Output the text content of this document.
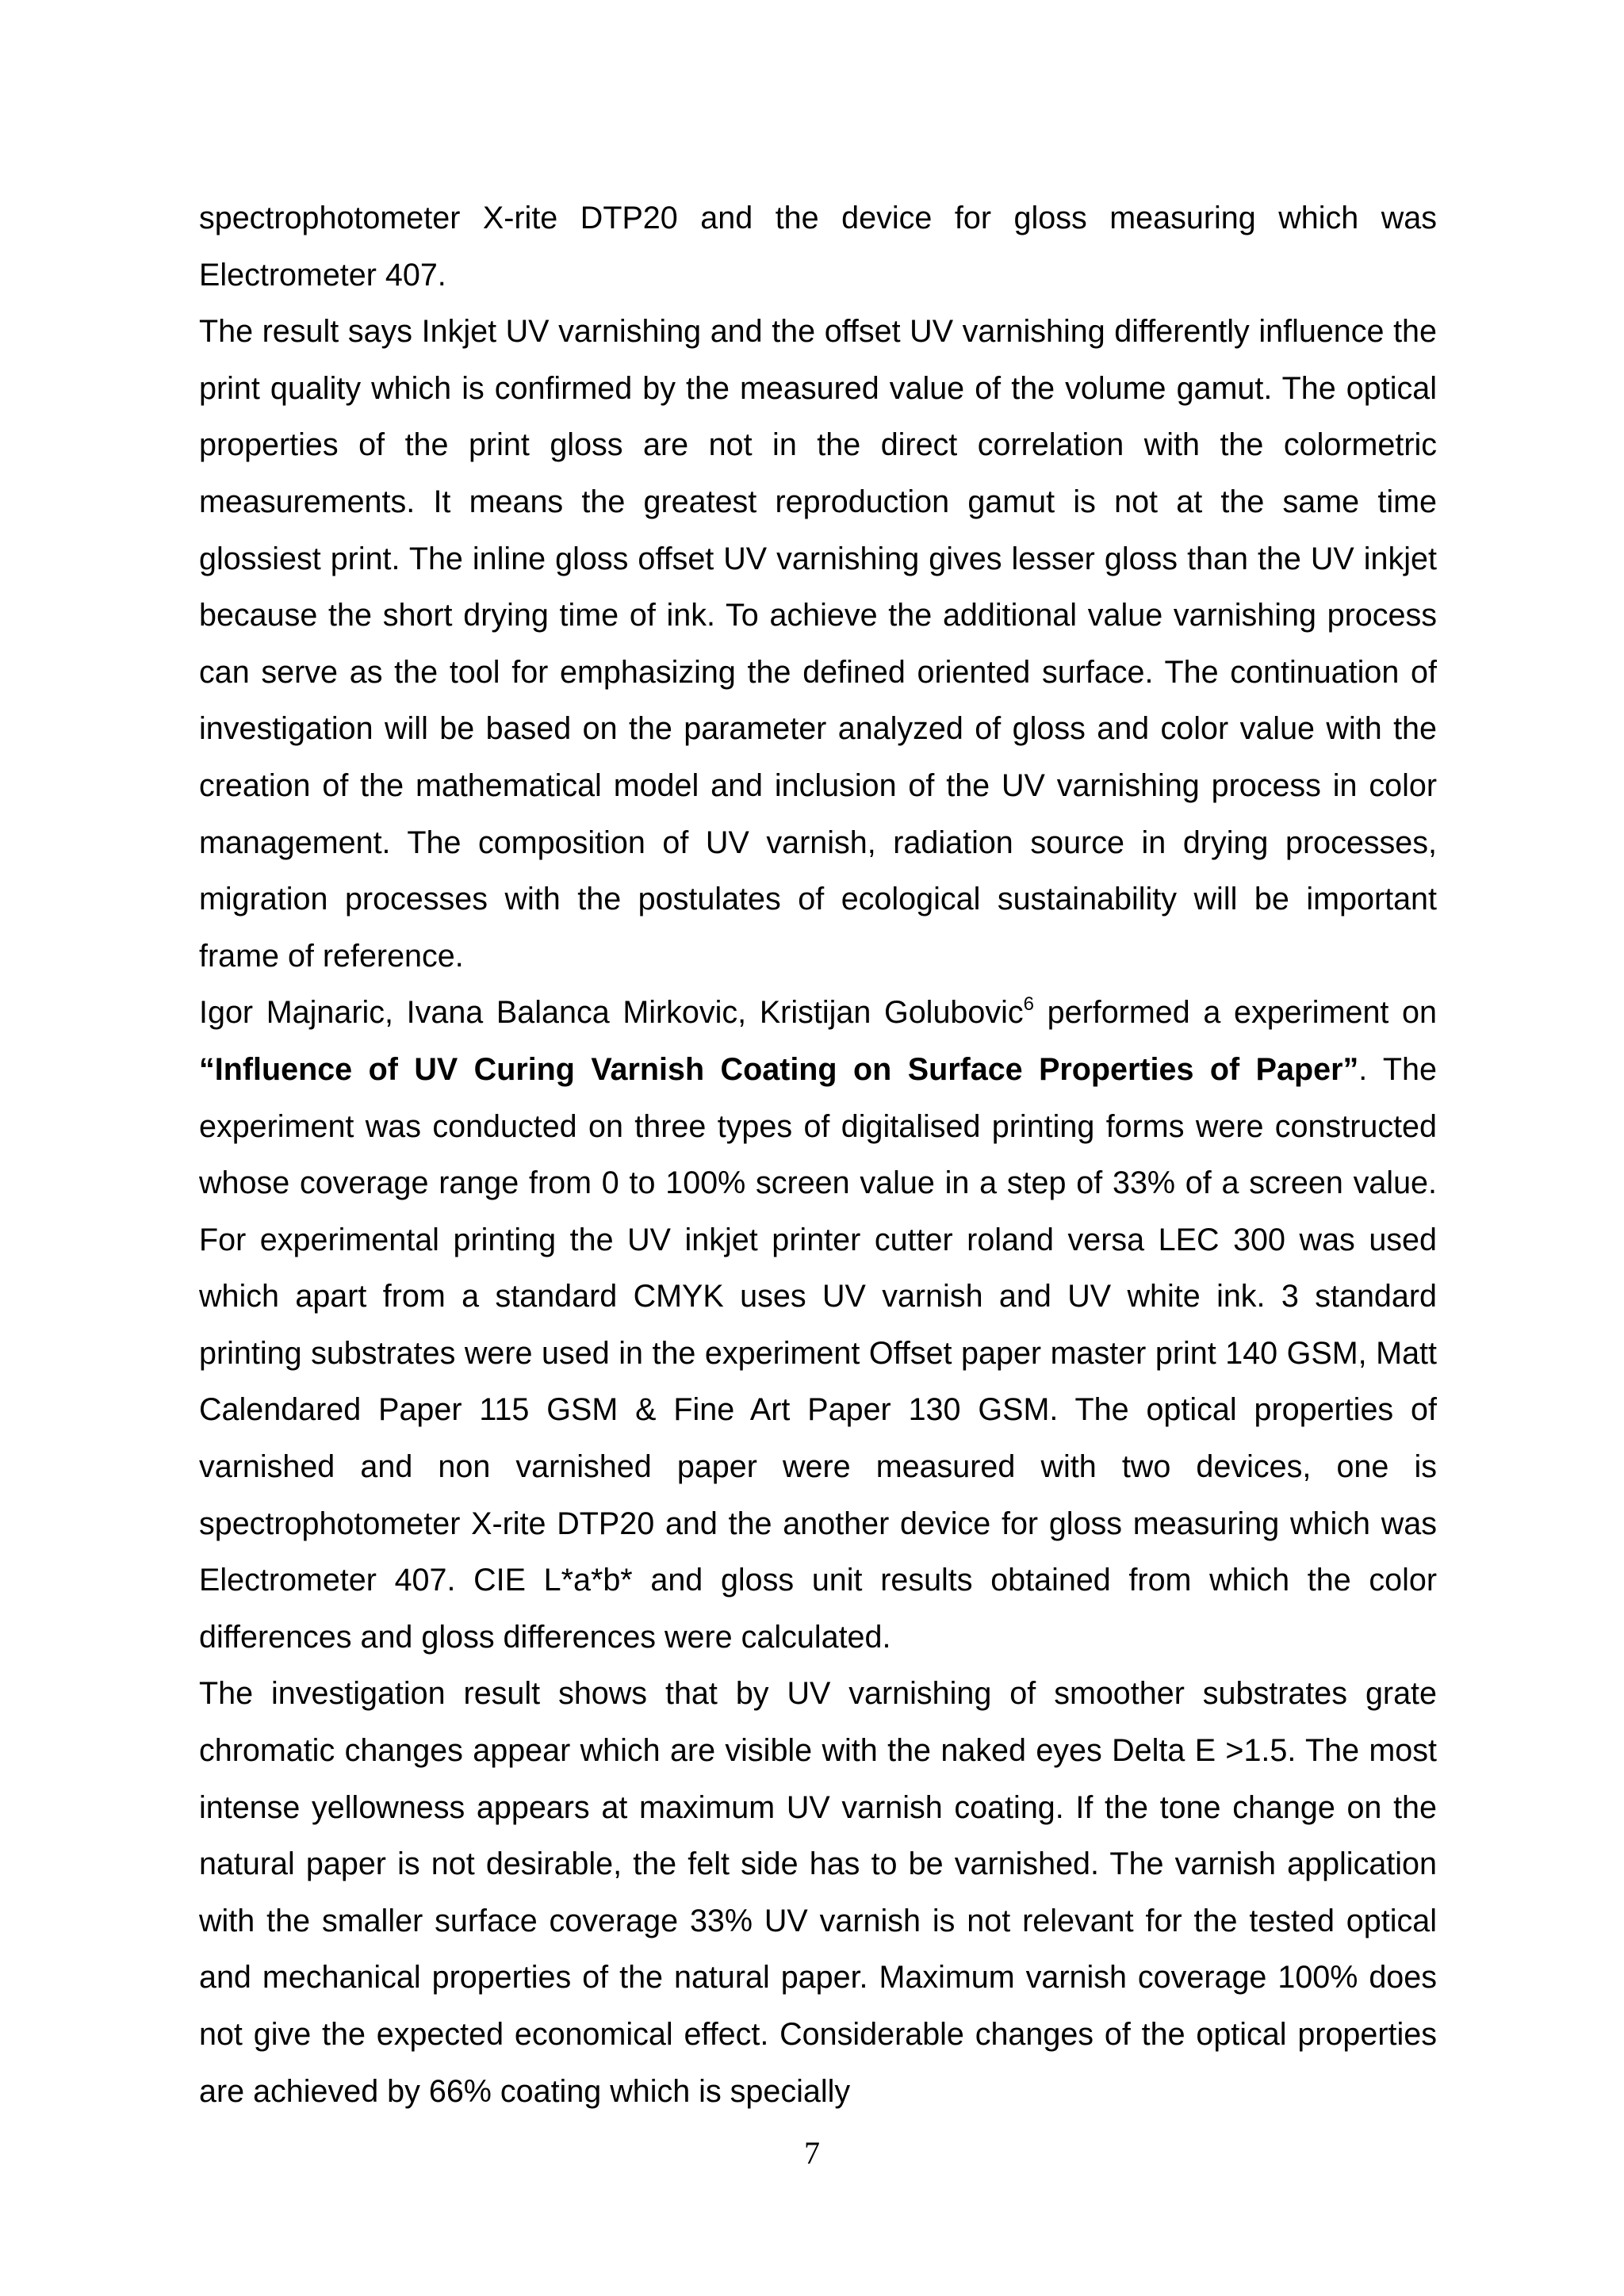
spectrophotometer X-rite DTP20 and the device for gloss measuring which was Electrometer 407.

The result says Inkjet UV varnishing and the offset UV varnishing differently influence the print quality which is confirmed by the measured value of the volume gamut. The optical properties of the print gloss are not in the direct correlation with the colormetric measurements. It means the greatest reproduction gamut is not at the same time glossiest print. The inline gloss offset UV varnishing gives lesser gloss than the UV inkjet because the short drying time of ink. To achieve the additional value varnishing process can serve as the tool for emphasizing the defined oriented surface. The continuation of investigation will be based on the parameter analyzed of gloss and color value with the creation of the mathematical model and inclusion of the UV varnishing process in color management. The composition of UV varnish, radiation source in drying processes, migration processes with the postulates of ecological sustainability will be important frame of reference.

Igor Majnaric, Ivana Balanca Mirkovic, Kristijan Golubovic$^6$ performed a experiment on “Influence of UV Curing Varnish Coating on Surface Properties of Paper”. The experiment was conducted on three types of digitalised printing forms were constructed whose coverage range from 0 to 100% screen value in a step of 33% of a screen value. For experimental printing the UV inkjet printer cutter roland versa LEC 300 was used which apart from a standard CMYK uses UV varnish and UV white ink. 3 standard printing substrates were used in the experiment Offset paper master print 140 GSM, Matt Calendared Paper 115 GSM & Fine Art Paper 130 GSM. The optical properties of varnished and non varnished paper were measured with two devices, one is spectrophotometer X-rite DTP20 and the another device for gloss measuring which was Electrometer 407. CIE L*a*b* and gloss unit results obtained from which the color differences and gloss differences were calculated.

The investigation result shows that by UV varnishing of smoother substrates grate chromatic changes appear which are visible with the naked eyes Delta E >1.5. The most intense yellowness appears at maximum UV varnish coating. If the tone change on the natural paper is not desirable, the felt side has to be varnished. The varnish application with the smaller surface coverage 33% UV varnish is not relevant for the tested optical and mechanical properties of the natural paper. Maximum varnish coverage 100% does not give the expected economical effect. Considerable changes of the optical properties are achieved by 66% coating which is specially

7
